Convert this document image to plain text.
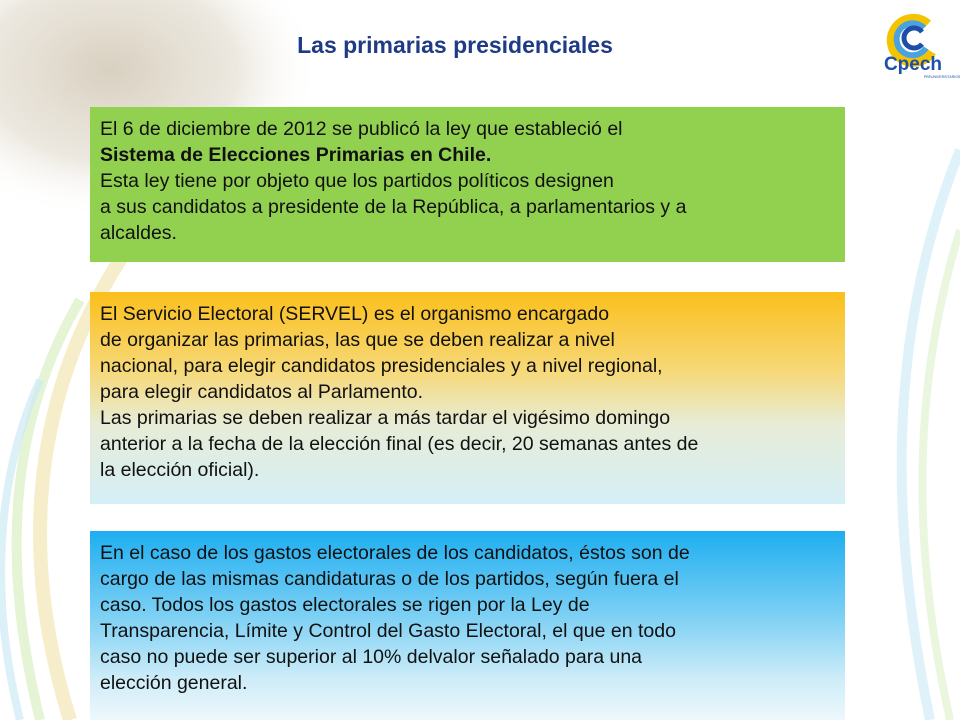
Las primarias presidenciales
Cpech
PREUNIVERSITARIOS

El 6 de diciembre de 2012 se publicó la ley que estableció el

Sistema de Elecciones Primarias en Chile.

Esta ley tiene por objeto que los partidos políticos designen

a sus candidatos a presidente de la República, a parlamentarios y a

alcaldes.

El Servicio Electoral (SERVEL) es el organismo encargado

de organizar las primarias, las que se deben realizar a nivel

nacional, para elegir candidatos presidenciales y a nivel regional,

para elegir candidatos al Parlamento.

Las primarias se deben realizar a más tardar el vigésimo domingo

anterior a la fecha de la elección final (es decir, 20 semanas antes de

la elección oficial).

En el caso de los gastos electorales de los candidatos, éstos son de

cargo de las mismas candidaturas o de los partidos, según fuera el

caso. Todos los gastos electorales se rigen por la Ley de

Transparencia, Límite y Control del Gasto Electoral, el que en todo

caso no puede ser superior al 10% delvalor señalado para una

elección general.
